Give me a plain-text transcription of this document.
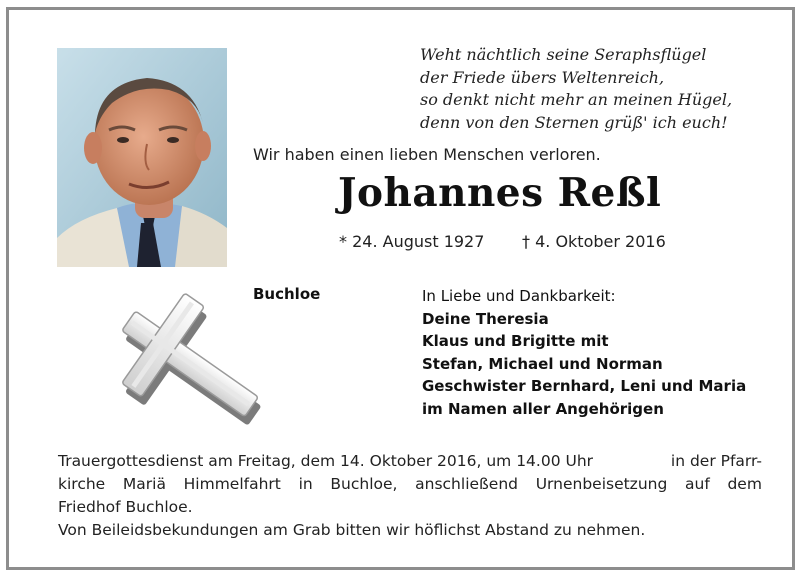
Weht nächtlich seine Seraphsflügel
der Friede übers Weltenreich,
so denkt nicht mehr an meinen Hügel,
denn von den Sternen grüß' ich euch!
Wir haben einen lieben Menschen verloren.
Johannes Reßl
* 24. August 1927 † 4. Oktober 2016
Buchloe	In Liebe und Dankbarkeit:
Deine Theresia
Klaus und Brigitte mit
Stefan, Michael und Norman
Geschwister Bernhard, Leni und Maria
im Namen aller Angehörigen
Trauergottesdienst am Freitag, dem 14. Oktober 2016, um 14.00 Uhr	in der Pfarr-
kirche Mariä Himmelfahrt in Buchloe, anschließend Urnenbeisetzung auf dem
Friedhof Buchloe.
Von Beileidsbekundungen am Grab bitten wir höflichst Abstand zu nehmen.
